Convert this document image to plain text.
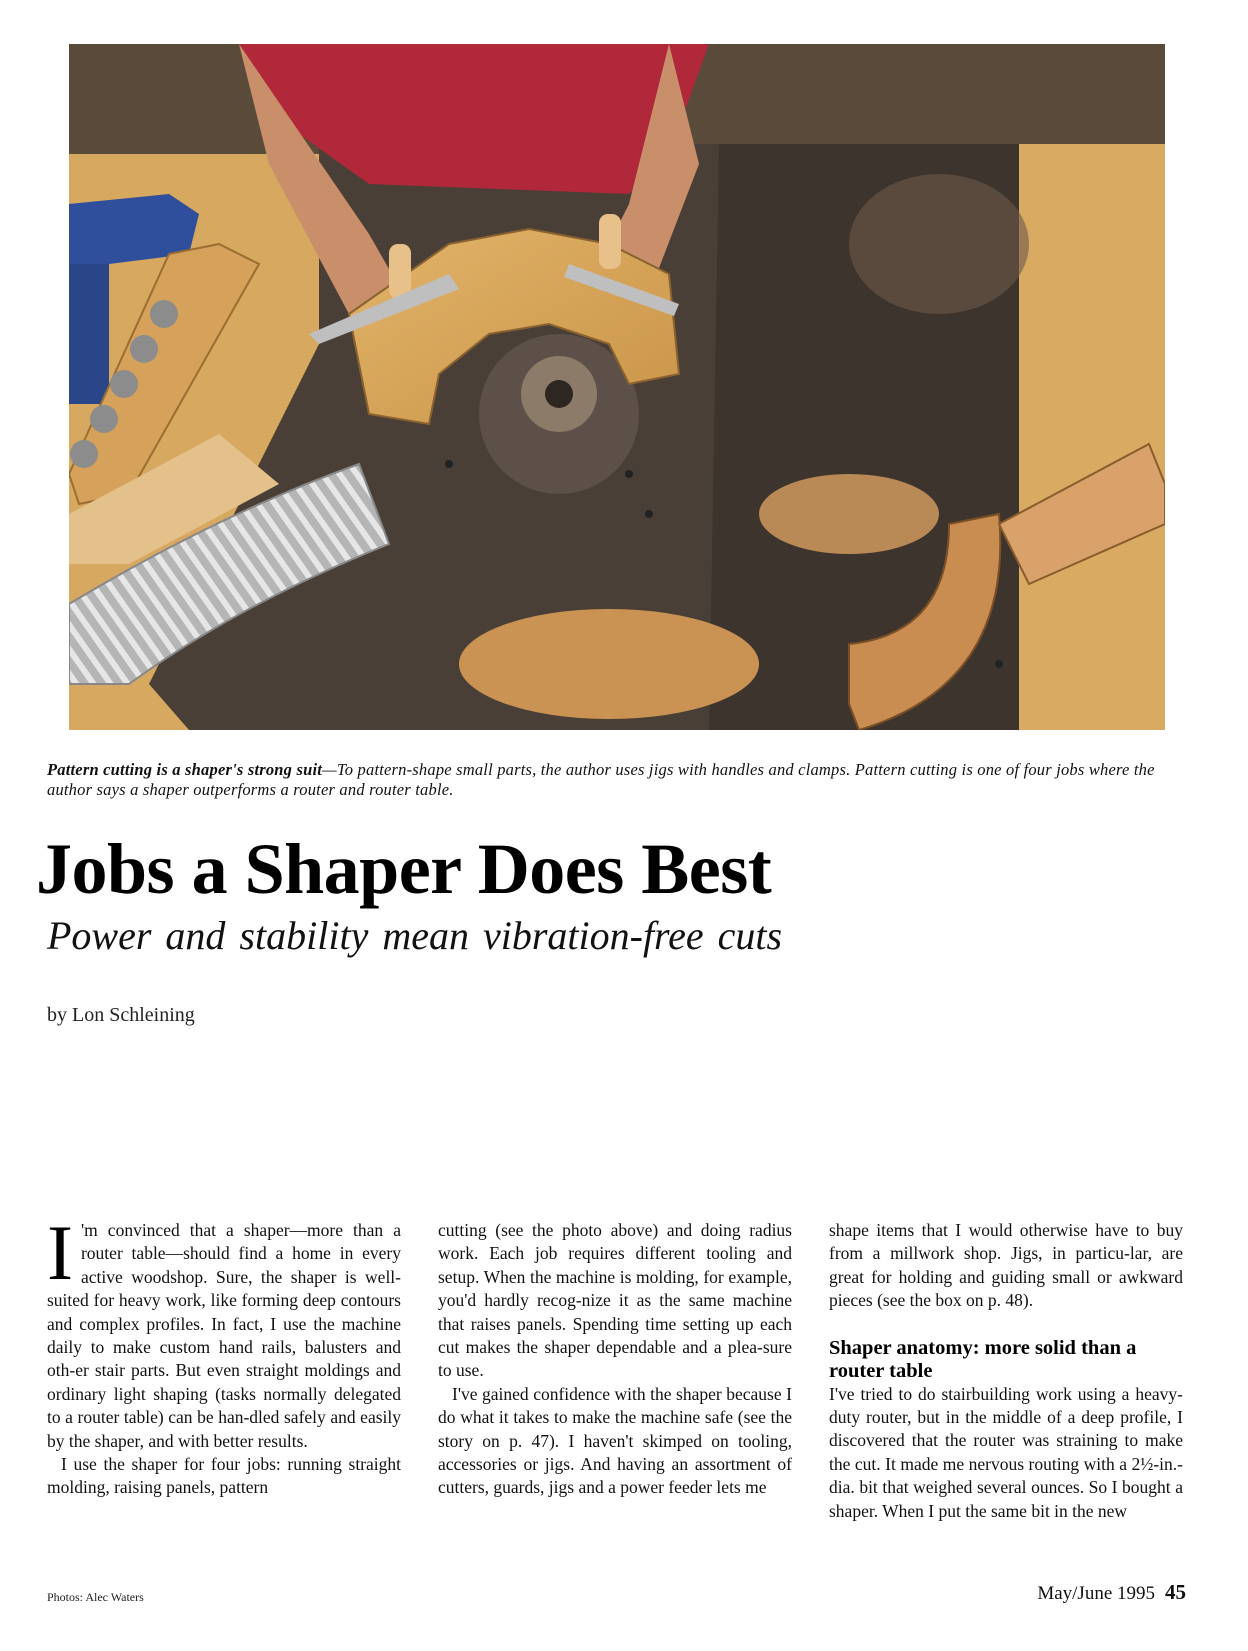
Pattern cutting is a shaper's strong suit—To pattern-shape small parts, the author uses jigs with handles and clamps. Pattern cutting is one of four jobs where the author says a shaper outperforms a router and router table.
Jobs a Shaper Does Best
Power and stability mean vibration-free cuts
by Lon Schleining

I 'm convinced that a shaper—more than a router table—should find a home in every active woodshop. Sure, the shaper is well-suited for heavy work, like forming deep contours and complex profiles. In fact, I use the machine daily to make custom hand rails, balusters and oth-er stair parts. But even straight moldings and ordinary light shaping (tasks normally delegated to a router table) can be han-dled safely and easily by the shaper, and with better results.

I use the shaper for four jobs: running straight molding, raising panels, pattern

cutting (see the photo above) and doing radius work. Each job requires different tooling and setup. When the machine is molding, for example, you'd hardly recog-nize it as the same machine that raises panels. Spending time setting up each cut makes the shaper dependable and a plea-sure to use.

I've gained confidence with the shaper because I do what it takes to make the machine safe (see the story on p. 47). I haven't skimped on tooling, accessories or jigs. And having an assortment of cutters, guards, jigs and a power feeder lets me

shape items that I would otherwise have to buy from a millwork shop. Jigs, in particu-lar, are great for holding and guiding small or awkward pieces (see the box on p. 48).

Shaper anatomy: more solid than a router table

I've tried to do stairbuilding work using a heavy-duty router, but in the middle of a deep profile, I discovered that the router was straining to make the cut. It made me nervous routing with a 2½-in.-dia. bit that weighed several ounces. So I bought a shaper. When I put the same bit in the new

Photos: Alec Waters	May/June 1995 45
